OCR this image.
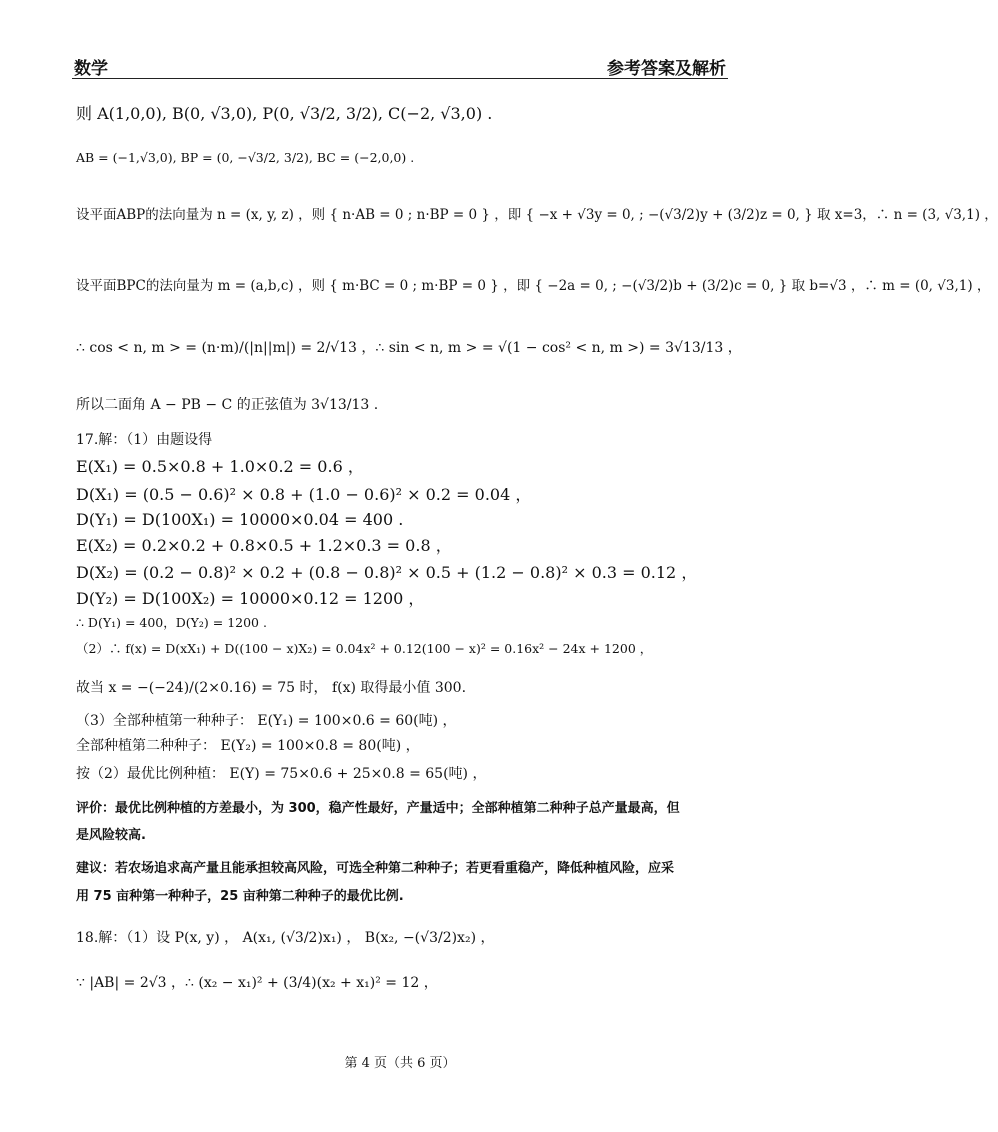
数学	参考答案及解析
则 A(1,0,0), B(0, √3,0), P(0, √3/2, 3/2), C(−2, √3,0) .
AB = (−1,√3,0), BP = (0, −√3/2, 3/2), BC = (−2,0,0) .
设平面ABP的法向量为 n = (x, y, z) ，则 { n·AB = 0 ; n·BP = 0 } ，即 { −x + √3y = 0, ; −(√3/2)y + (3/2)z = 0, } 取 x=3，∴ n = (3, √3,1) ，
设平面BPC的法向量为 m = (a,b,c) ，则 { m·BC = 0 ; m·BP = 0 } ，即 { −2a = 0, ; −(√3/2)b + (3/2)c = 0, } 取 b=√3 ，∴ m = (0, √3,1) ，
∴ cos < n, m > = (n·m)/(|n||m|) = 2/√13 ，∴ sin < n, m > = √(1 − cos² < n, m >) = 3√13/13 ，
所以二面角 A − PB − C 的正弦值为 3√13/13 .
17.解：（1）由题设得
E(X₁) = 0.5×0.8 + 1.0×0.2 = 0.6 ，
D(X₁) = (0.5 − 0.6)² × 0.8 + (1.0 − 0.6)² × 0.2 = 0.04 ，
D(Y₁) = D(100X₁) = 10000×0.04 = 400 .
E(X₂) = 0.2×0.2 + 0.8×0.5 + 1.2×0.3 = 0.8 ，
D(X₂) = (0.2 − 0.8)² × 0.2 + (0.8 − 0.8)² × 0.5 + (1.2 − 0.8)² × 0.3 = 0.12 ，
D(Y₂) = D(100X₂) = 10000×0.12 = 1200 ，
∴ D(Y₁) = 400，D(Y₂) = 1200 .
（2）∴ f(x) = D(xX₁) + D((100 − x)X₂) = 0.04x² + 0.12(100 − x)² = 0.16x² − 24x + 1200 ，
故当 x = −(−24)/(2×0.16) = 75 时， f(x) 取得最小值 300.
（3）全部种植第一种种子： E(Y₁) = 100×0.6 = 60(吨) ，
全部种植第二种种子： E(Y₂) = 100×0.8 = 80(吨) ，
按（2）最优比例种植： E(Y) = 75×0.6 + 25×0.8 = 65(吨) ，
评价：最优比例种植的方差最小，为 300，稳产性最好，产量适中；全部种植第二种种子总产量最高，但
是风险较高.
建议：若农场追求高产量且能承担较高风险，可选全种第二种种子；若更看重稳产，降低种植风险，应采
用 75 亩种第一种种子，25 亩种第二种种子的最优比例.
18.解：（1）设 P(x, y) ， A(x₁, (√3/2)x₁) ， B(x₂, −(√3/2)x₂) ，
∵ |AB| = 2√3 ，∴ (x₂ − x₁)² + (3/4)(x₂ + x₁)² = 12 ，
第 4 页（共 6 页）
